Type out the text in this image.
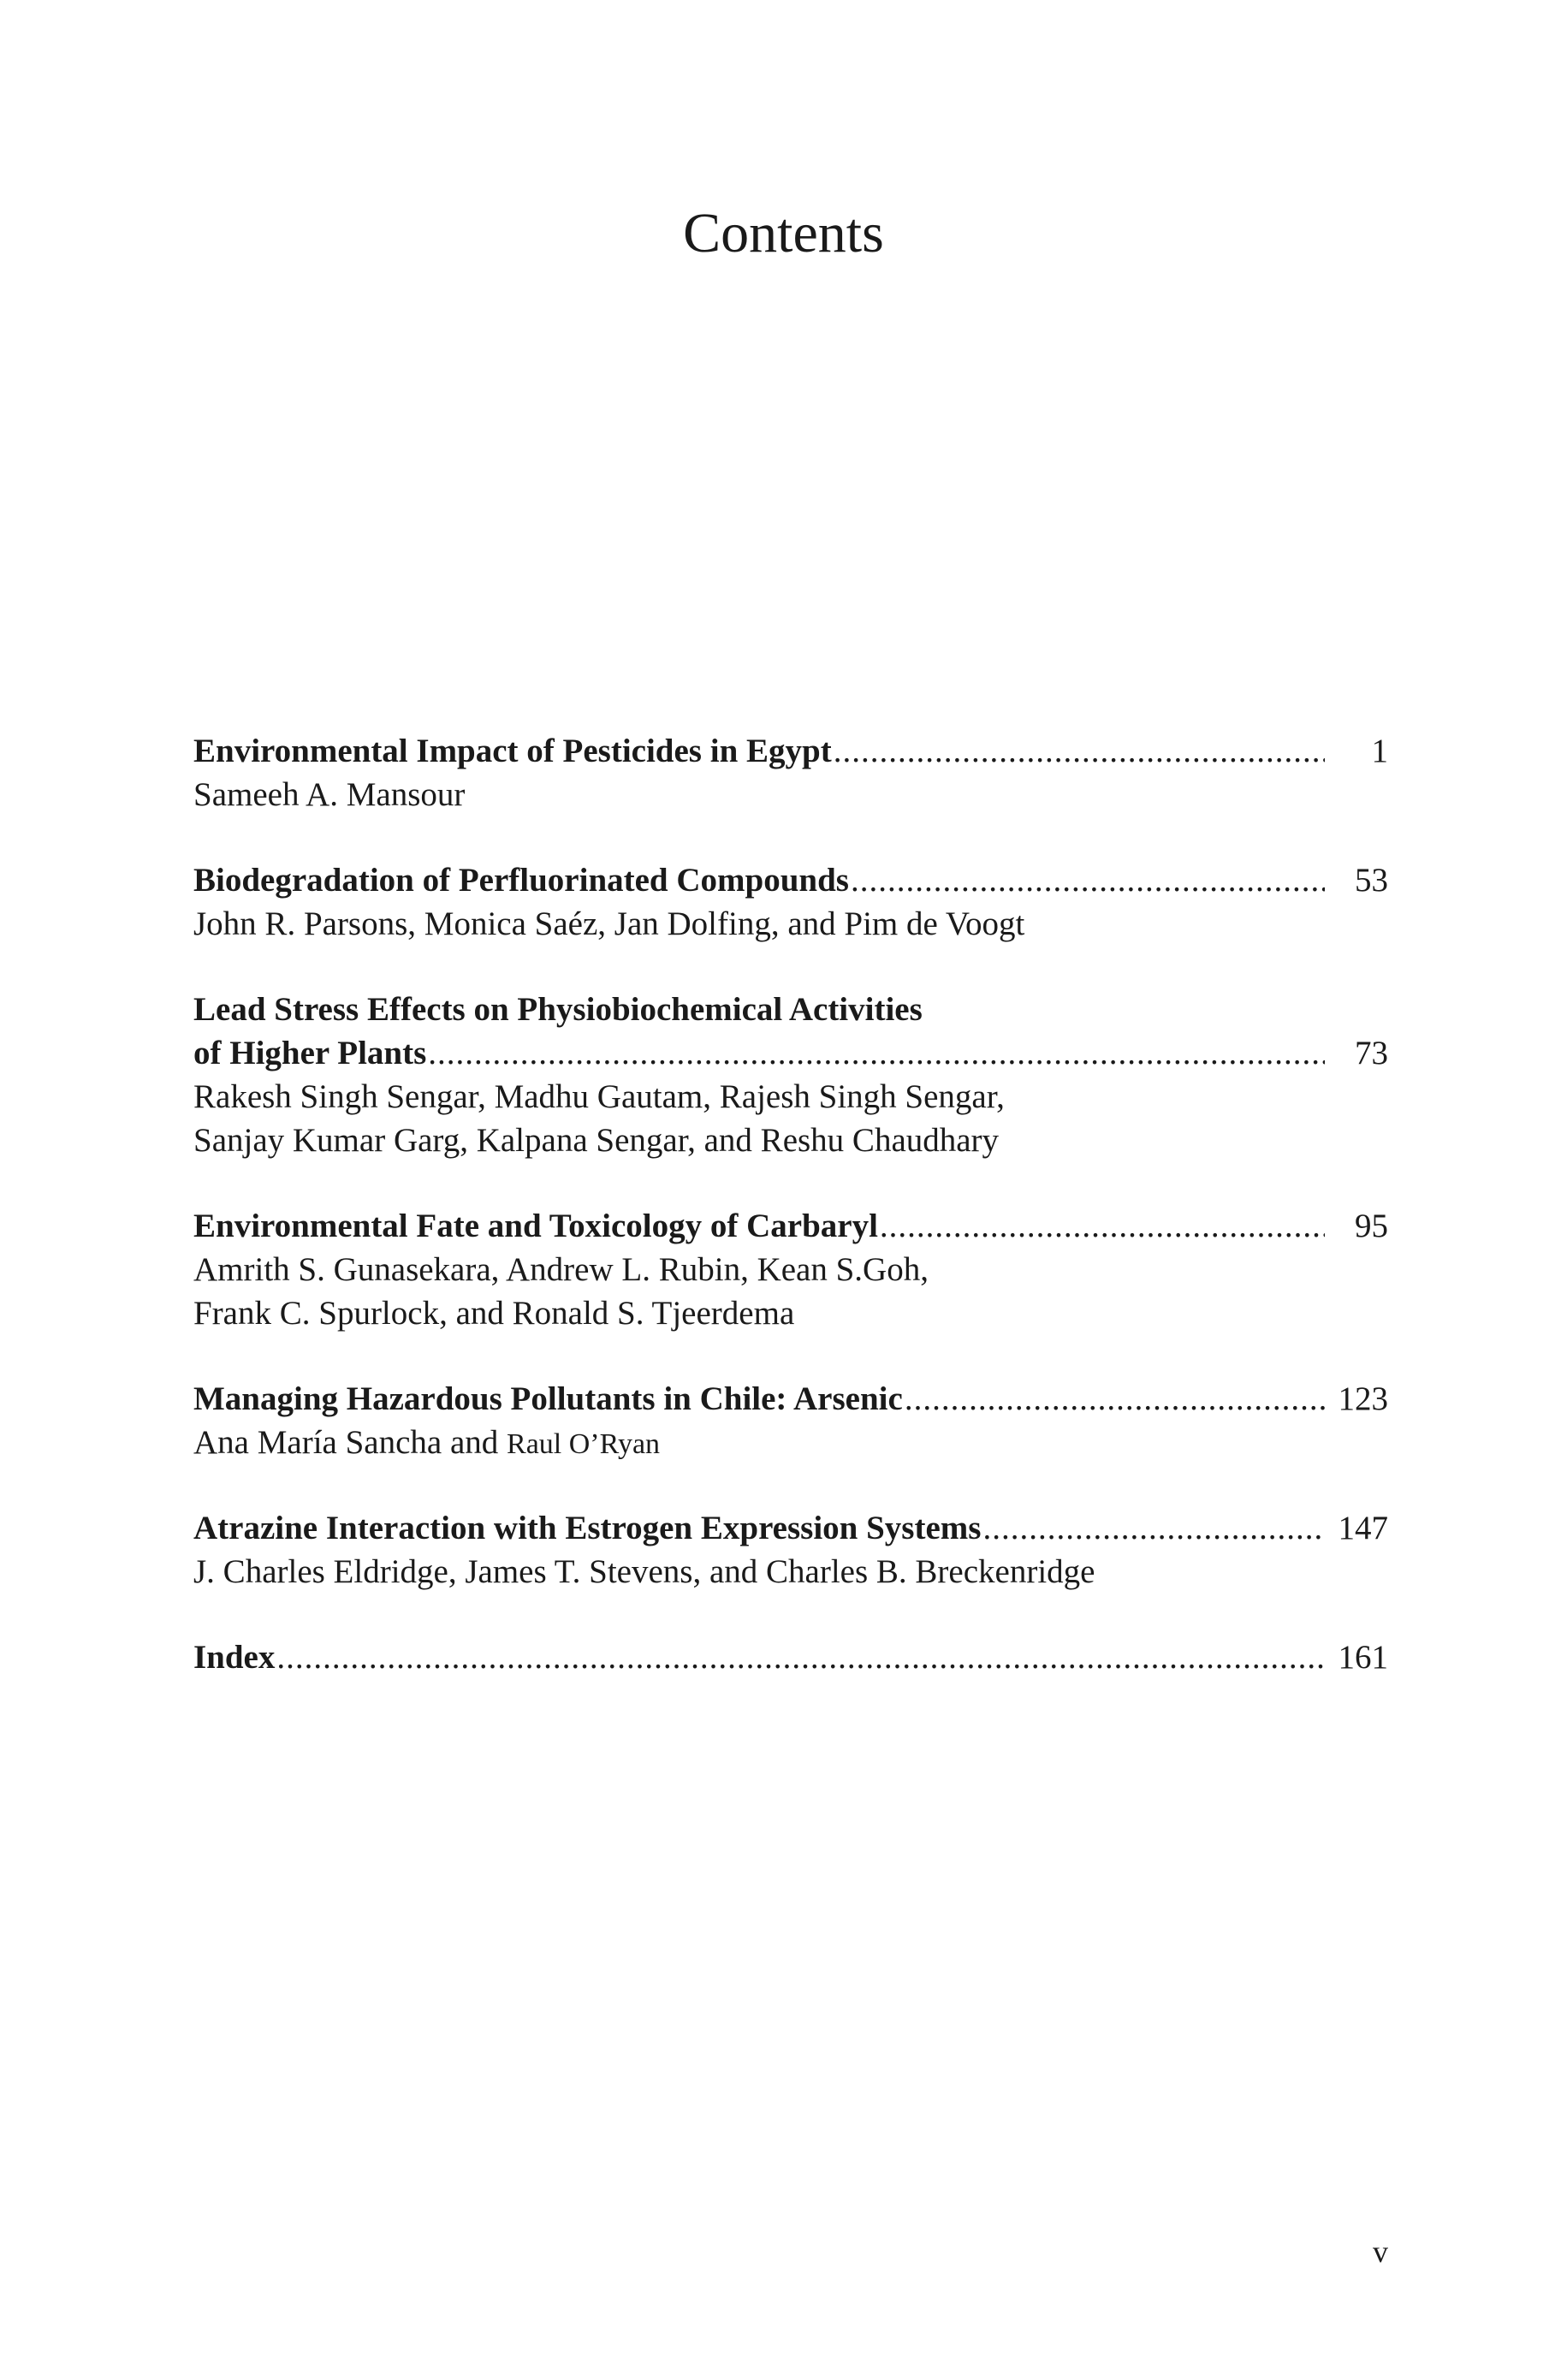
Contents
Environmental Impact of Pesticides in Egypt .....	1
Sameeh A. Mansour
Biodegradation of Perfluorinated Compounds .....	53
John R. Parsons, Monica Saéz, Jan Dolfing, and Pim de Voogt
Lead Stress Effects on Physiobiochemical Activities
of Higher Plants .....	73
Rakesh Singh Sengar, Madhu Gautam, Rajesh Singh Sengar,
Sanjay Kumar Garg, Kalpana Sengar, and Reshu Chaudhary
Environmental Fate and Toxicology of Carbaryl .....	95
Amrith S. Gunasekara, Andrew L. Rubin, Kean S.Goh,
Frank C. Spurlock, and Ronald S. Tjeerdema
Managing Hazardous Pollutants in Chile: Arsenic .....	123
Ana María Sancha and Raul O’Ryan
Atrazine Interaction with Estrogen Expression Systems .....	147
J. Charles Eldridge, James T. Stevens, and Charles B. Breckenridge
Index .....	161
v
